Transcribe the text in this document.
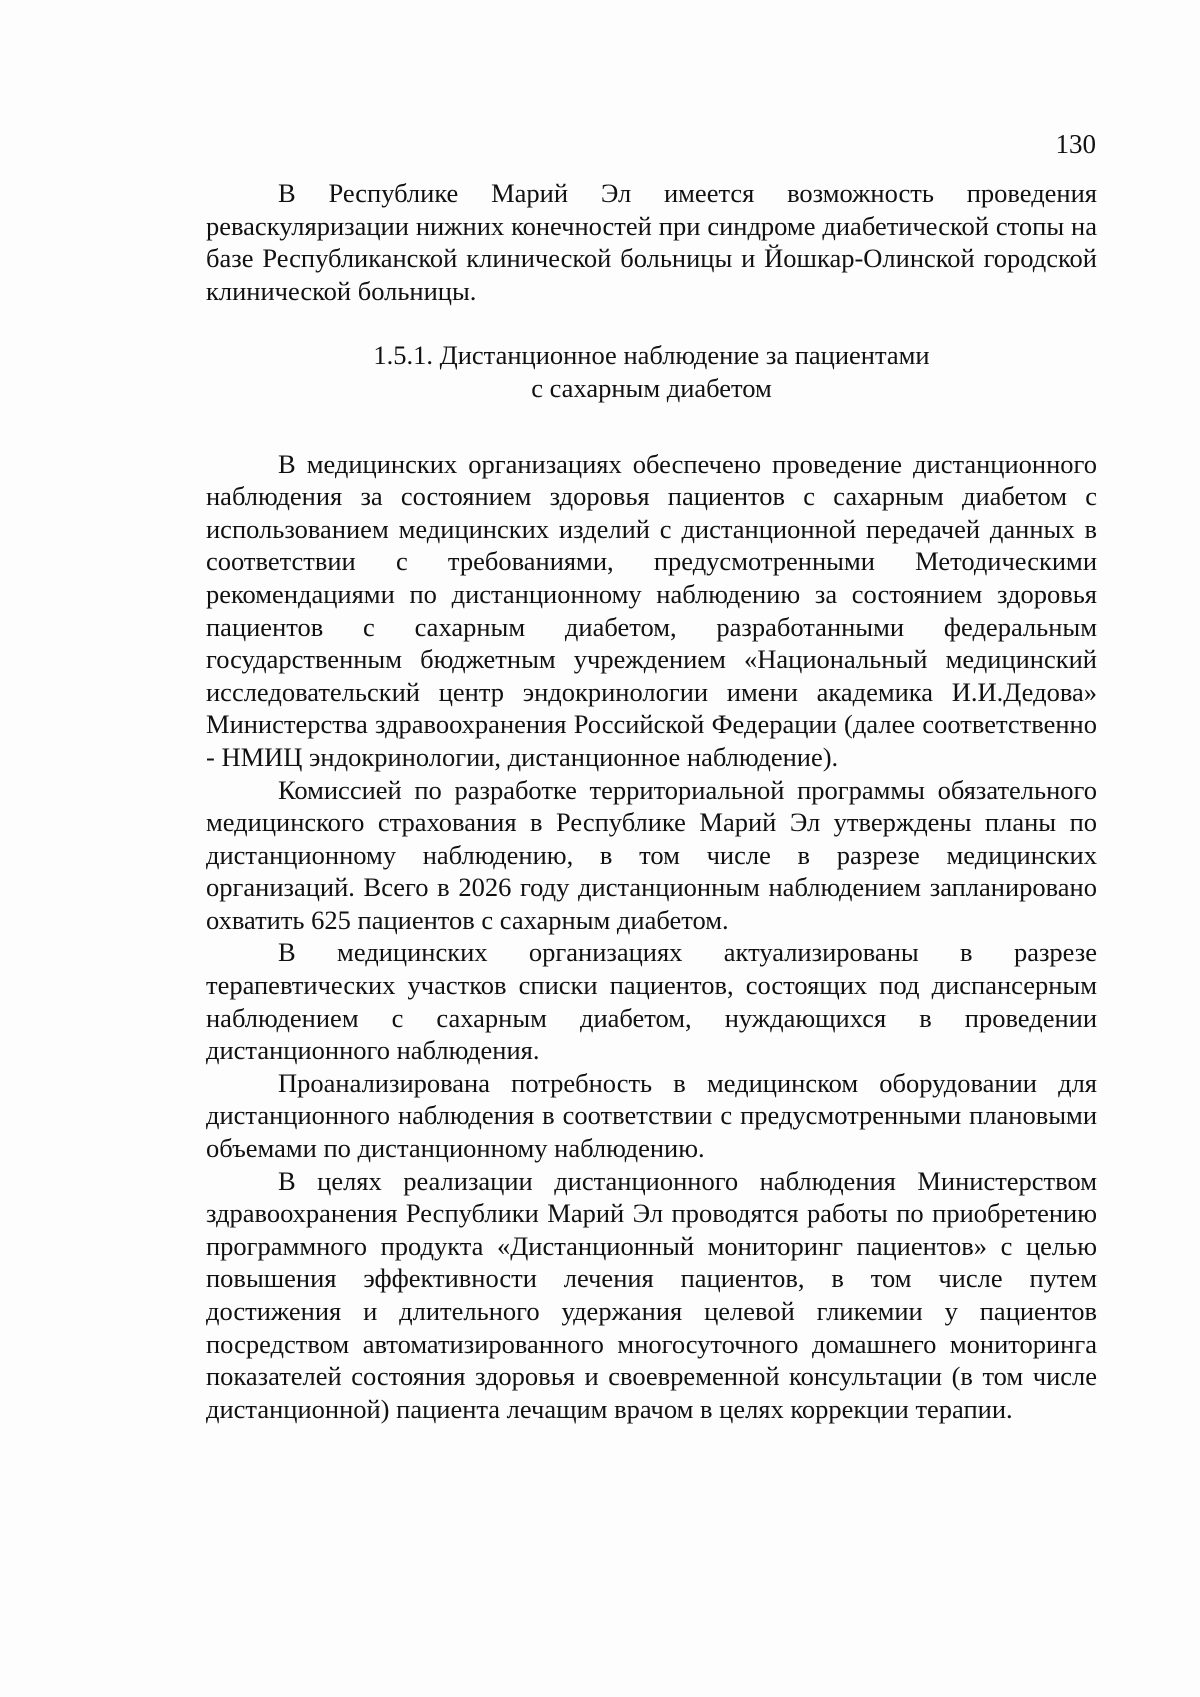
130

В Республике Марий Эл имеется возможность проведения реваскуляризации нижних конечностей при синдроме диабетической стопы на базе Республиканской клинической больницы и Йошкар-Олинской городской клинической больницы.

1.5.1. Дистанционное наблюдение за пациентами
с сахарным диабетом

В медицинских организациях обеспечено проведение дистанционного наблюдения за состоянием здоровья пациентов с сахарным диабетом с использованием медицинских изделий с дистанционной передачей данных в соответствии с требованиями, предусмотренными Методическими рекомендациями по дистанционному наблюдению за состоянием здоровья пациентов с сахарным диабетом, разработанными федеральным государственным бюджетным учреждением «Национальный медицинский исследовательский центр эндокринологии имени академика И.И.Дедова» Министерства здравоохранения Российской Федерации (далее соответственно - НМИЦ эндокринологии, дистанционное наблюдение).

Комиссией по разработке территориальной программы обязательного медицинского страхования в Республике Марий Эл утверждены планы по дистанционному наблюдению, в том числе в разрезе медицинских организаций. Всего в 2026 году дистанционным наблюдением запланировано охватить 625 пациентов с сахарным диабетом.

В медицинских организациях актуализированы в разрезе терапевтических участков списки пациентов, состоящих под диспансерным наблюдением с сахарным диабетом, нуждающихся в проведении дистанционного наблюдения.

Проанализирована потребность в медицинском оборудовании для дистанционного наблюдения в соответствии с предусмотренными плановыми объемами по дистанционному наблюдению.

В целях реализации дистанционного наблюдения Министерством здравоохранения Республики Марий Эл проводятся работы по приобретению программного продукта «Дистанционный мониторинг пациентов» с целью повышения эффективности лечения пациентов, в том числе путем достижения и длительного удержания целевой гликемии у пациентов посредством автоматизированного многосуточного домашнего мониторинга показателей состояния здоровья и своевременной консультации (в том числе дистанционной) пациента лечащим врачом в целях коррекции терапии.
